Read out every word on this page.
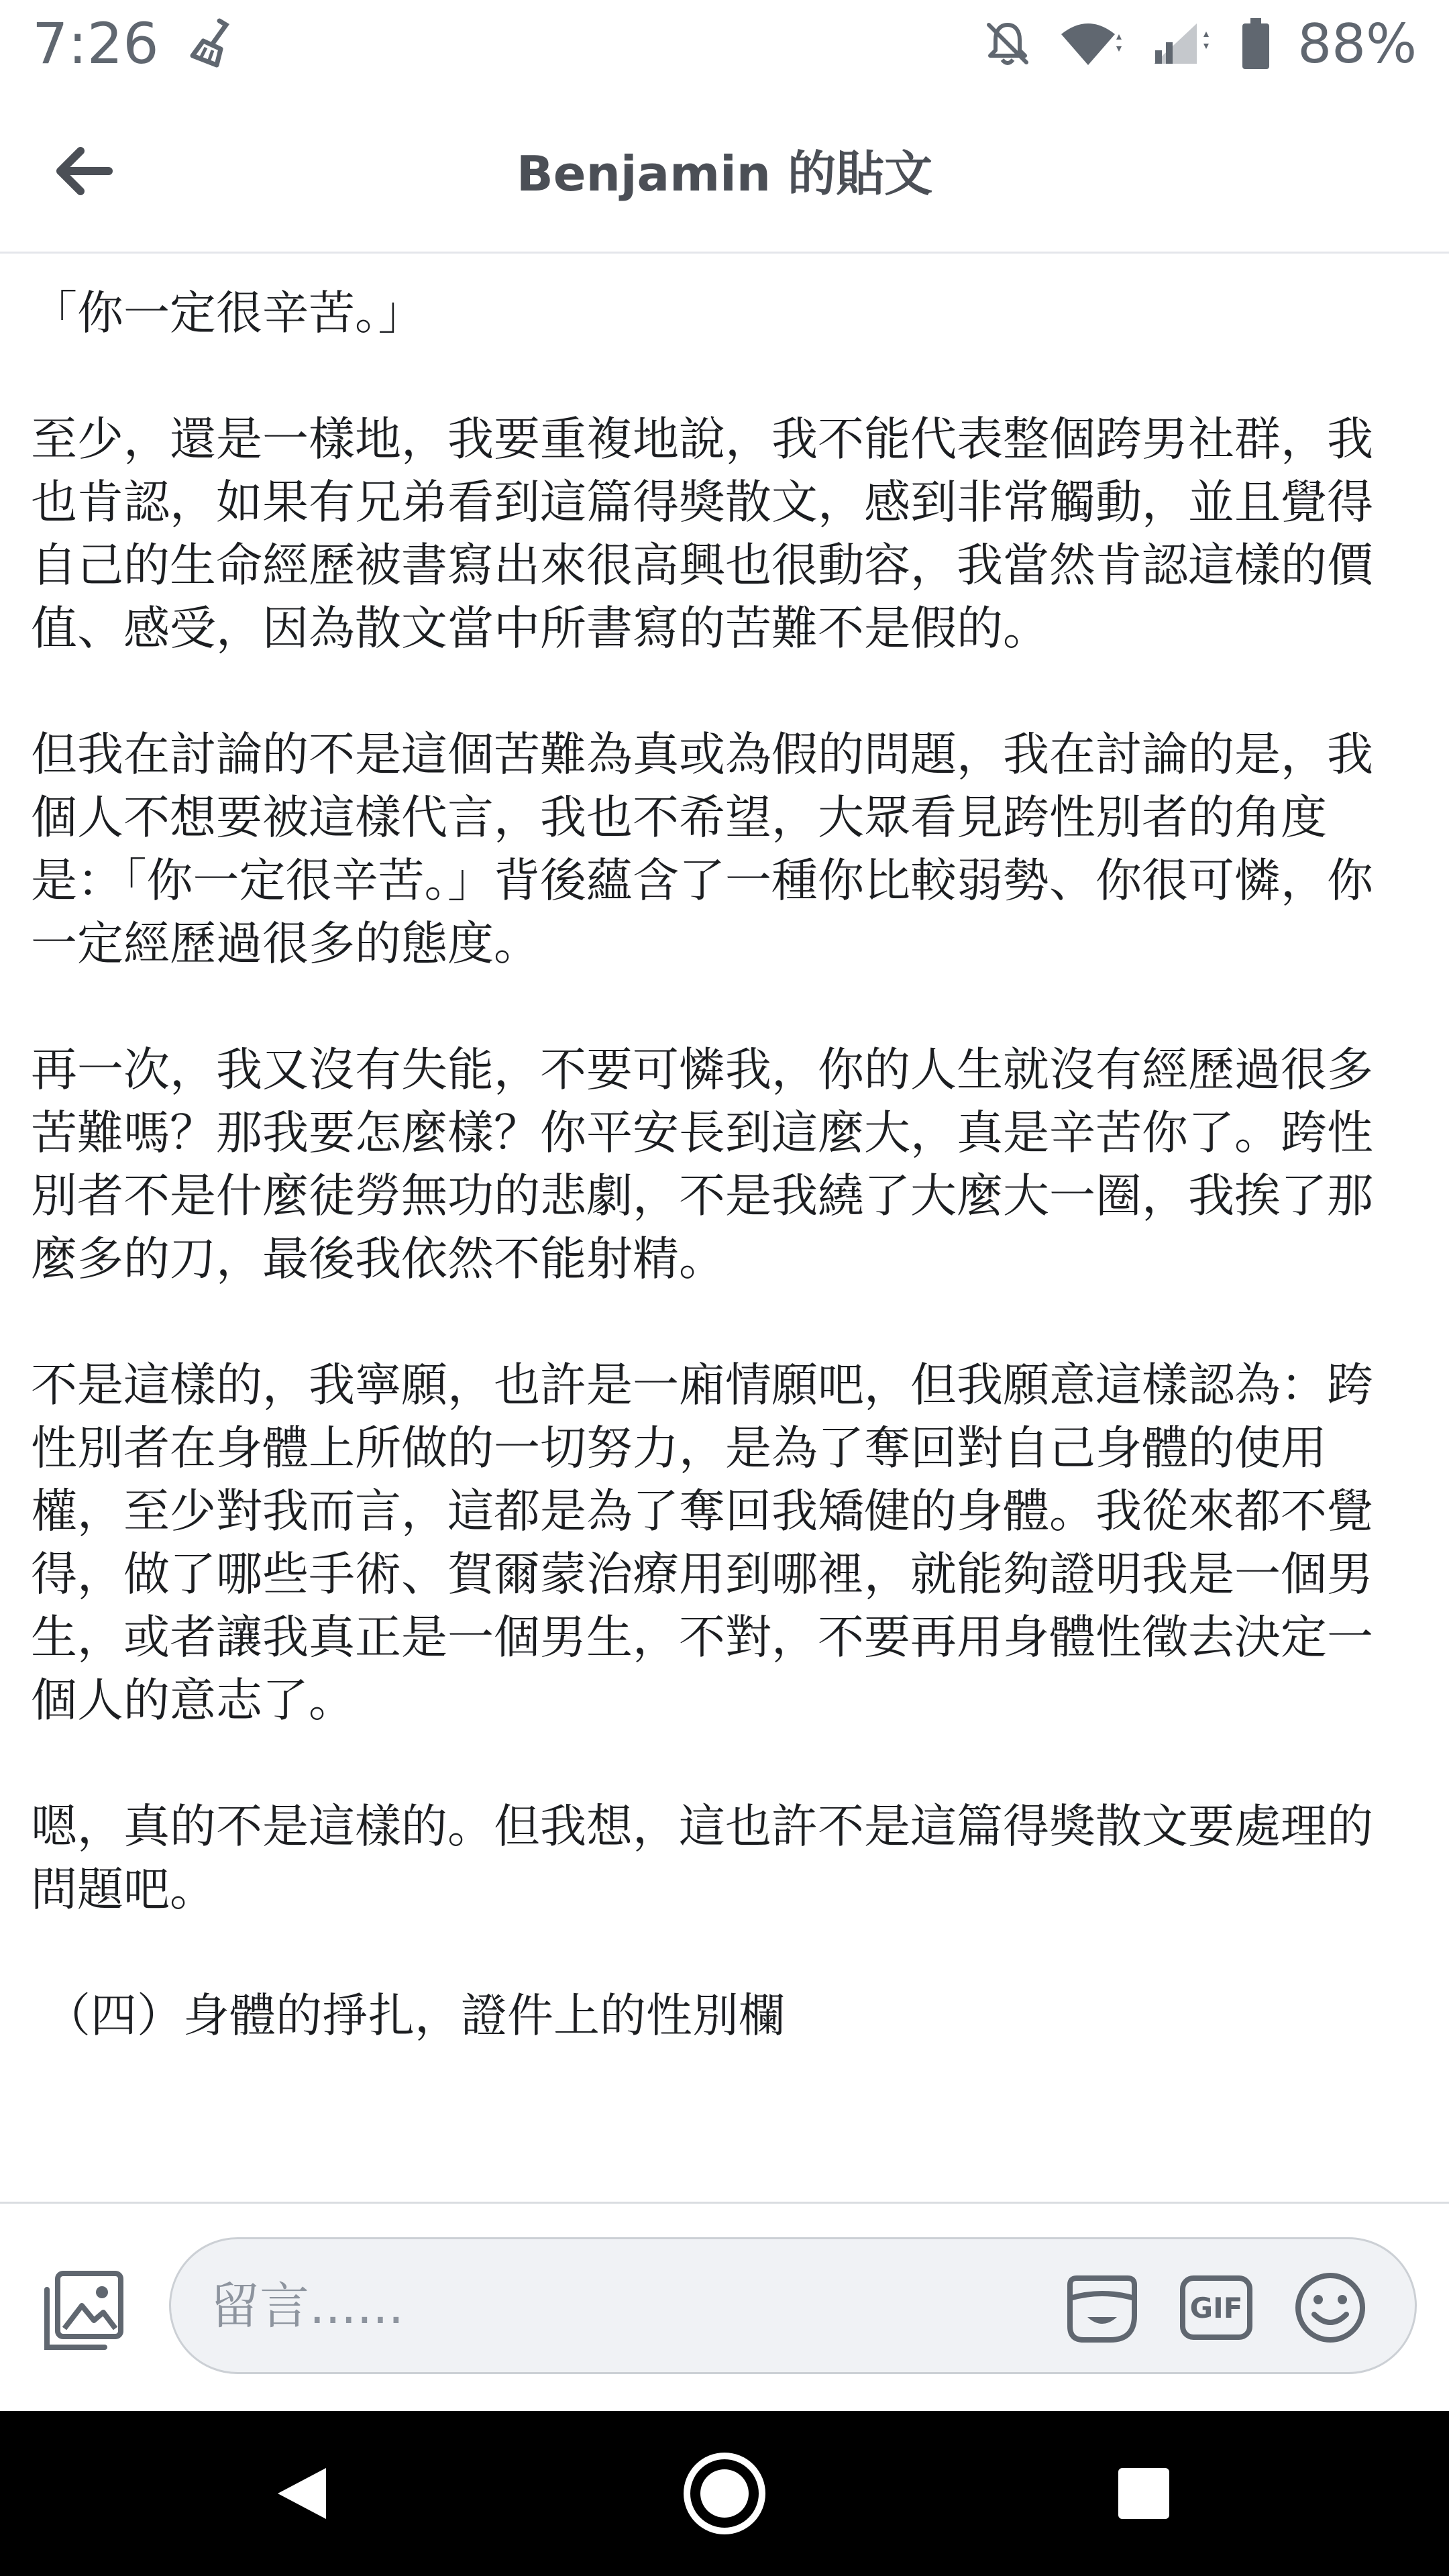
7:26	88%
Benjamin 的貼文

「你一定很辛苦。」

至少，還是一樣地，我要重複地說，我不能代表整個跨男社群，我也肯認，如果有兄弟看到這篇得獎散文，感到非常觸動，並且覺得自己的生命經歷被書寫出來很高興也很動容，我當然肯認這樣的價值、感受，因為散文當中所書寫的苦難不是假的。

但我在討論的不是這個苦難為真或為假的問題，我在討論的是，我個人不想要被這樣代言，我也不希望，大眾看見跨性別者的角度是：「你一定很辛苦。」背後蘊含了一種你比較弱勢、你很可憐，你一定經歷過很多的態度。

再一次，我又沒有失能，不要可憐我，你的人生就沒有經歷過很多苦難嗎？那我要怎麼樣？你平安長到這麼大，真是辛苦你了。跨性別者不是什麼徒勞無功的悲劇，不是我繞了大麼大一圈，我挨了那麼多的刀，最後我依然不能射精。

不是這樣的，我寧願，也許是一廂情願吧，但我願意這樣認為：跨性別者在身體上所做的一切努力，是為了奪回對自己身體的使用權，至少對我而言，這都是為了奪回我矯健的身體。我從來都不覺得，做了哪些手術、賀爾蒙治療用到哪裡，就能夠證明我是一個男生，或者讓我真正是一個男生，不對，不要再用身體性徵去決定一個人的意志了。

嗯，真的不是這樣的。但我想，這也許不是這篇得獎散文要處理的問題吧。

（四）身體的掙扎，證件上的性別欄

留言......
GIF
